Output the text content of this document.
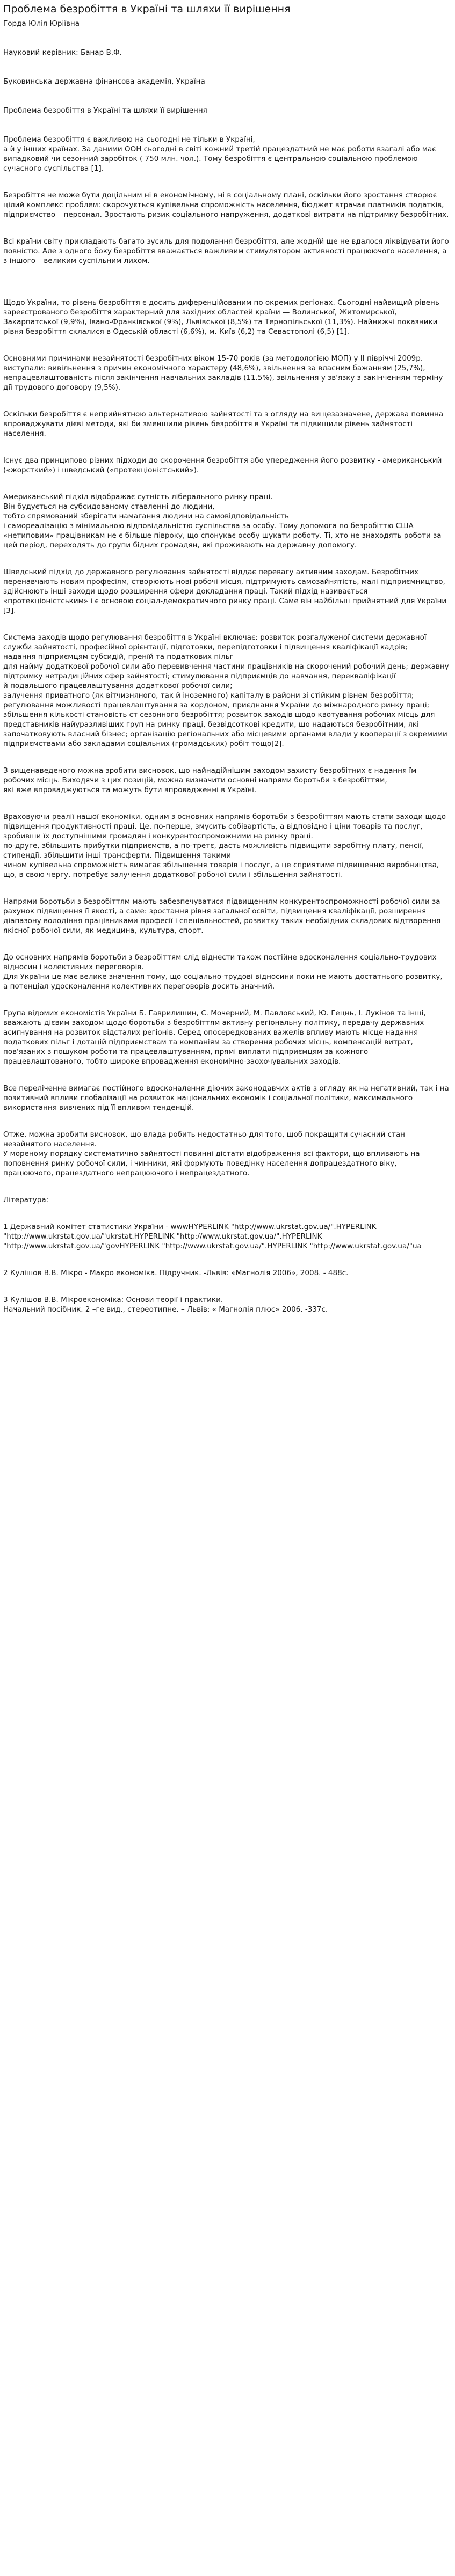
Проблема безробіття в Україні та шляхи її вирішення
Горда Юлія Юріївна
Науковий керівник: Банар В.Ф.
Буковинська державна фінансова академія, Україна
Проблема безробіття в Україні та шляхи її вирішення

Проблема безробіття є важливою на сьогодні не тільки в Україні,
а й у інших країнах. За даними ООН сьогодні в світі кожний третій працездатний не має роботи взагалі або має випадковий чи сезонний заробіток ( 750 млн. чол.). Тому безробіття є центральною соціальною проблемою сучасного суспільства [1].

Безробіття не може бути доцільним ні в економічному, ні в соціальному плані, оскільки його зростання створює цілий комплекс проблем: скорочується купівельна спроможність населення, бюджет втрачає платників податків, підприємство – персонал. Зростають ризик соціального напруження, додаткові витрати на підтримку безробітних.

Всі країни світу прикладають багато зусиль для подолання безробіття, але жоднїй ще не вдалося ліквідувати його повністю. Але з одного боку безробіття вважається важливим стимулятором активності працюючого населення, а з іншого – великим суспільним лихом.

Щодо України, то рівень безробіття є досить диференційованим по окремих регіонах. Сьогодні найвищий рівень зареєстрованого безробіття характерний для західних областей країни — Волинської, Житомирської, Закарпатської (9,9%), Івано-Франківської (9%), Львівської (8,5%) та Тернопільської (11,3%). Найнижчі показники рівня безробіття склалися в Одеській області (6,6%), м. Київ (6,2) та Севастополі (6,5) [1].

Основними причинами незайнятості безробітних віком 15-70 років (за методологією МОП) у II півріччі 2009р. виступали: вивільнення з причин економічного характеру (48,6%), звільнення за власним бажанням (25,7%), непрацевлаштованість після закінчення навчальних закладів (11.5%), звільнення у зв'язку з закінченням терміну дії трудового договору (9,5%).

Оскільки безробіття є неприйнятною альтернативою зайнятості та з огляду на вищезазначене, держава повинна впроваджувати дієві методи, які би зменшили рівень безробіття в Україні та підвищили рівень зайнятості населення.

Існує два принципово різних підходи до скорочення безробіття або упередження його розвитку - американський («жорсткий») і шведський («протекціоністський»).

Американський підхід відображає сутність ліберального ринку праці.
Він будується на субсидованому ставленні до людини,
тобто спрямований зберігати намагання людини на самовідповідальність
і самореалізацію з мінімальною відповідальністю суспільства за особу. Тому допомога по безробіттю США «нетиповим» працівникам не є більше півроку, що спонукає особу шукати роботу. Ті, хто не знаходять роботи за цей період, переходять до групи бідних громадян, які проживають на державну допомогу.

Шведський підхід до державного регулювання зайнятості віддає перевагу активним заходам. Безробітних перенавчають новим професіям, створюють нові робочі місця, підтримують самозайнятість, малі підприємництво, здійснюють інші заходи щодо розширення сфери докладання праці. Такий підхід називається «протекціоністським» і є основою соціал-демократичного ринку праці. Саме він найбільш прийнятний для України [3].

Система заходів щодо регулювання безробіття в Україні включає: розвиток розгалуженої системи державної служби зайнятості, професійної орієнтації, підготовки, перепідготовки і підвищення кваліфікації кадрів;
надання підприємцям субсидій, пренїй та податкових пільг
для найму додаткової робочої сили або перевивчення частини працівників на скорочений робочий день; державну підтримку нетрадиційних сфер зайнятості; стимулювання підприємців до навчання, перекваліфікації
й подальшого працевлаштування додаткової робочої сили;
залучення приватного (як вітчизняного, так й іноземного) капіталу в райони зі стійким рівнем безробіття; регулювання можливості працевлаштування за кордоном, приєднання України до міжнародного ринку праці; збільшення кількості становість ст сезонного безробіття; розвиток заходів щодо квотування робочих місць для представників найуразливіших груп на ринку праці, безвідсоткові кредити, що надаються безробітним, які започатковують власний бізнес; організацію регіональних або місцевими органами влади у кооперації з окремими підприємствами або закладами соціальних (громадських) робіт тощо[2].

З вищенаведеного можна зробити висновок, що найнадійнішим заходом захисту безробітних є надання їм робочих місць. Виходячи з цих позицій, можна визначити основні напрями боротьби з безробіттям,
які вже впроваджуються та можуть бути впровадженні в Україні.

Враховуючи реалії нашої економіки, одним з основних напрямів боротьби з безробіттям мають стати заходи щодо підвищення продуктивності праці. Це, по-перше, змусить собівартість, а відповідно і ціни товарів та послуг, зробивши їх доступнішими громадян і конкурентоспроможними на ринку праці.
по-друге, збільшить прибутки підприємств, а по-третє, дасть можливість підвищити заробітну плату, пенсії, стипендії, збільшити інші трансферти. Підвищення такими
чином купівельна спроможність вимагає збільшення товарів і послуг, а це сприятиме підвищенню виробництва, що, в свою чергу, потребує залучення додаткової робочої сили і збільшення зайнятості.

Напрями боротьби з безробіттям мають забезпечуватися підвищенням конкурентоспроможності робочої сили за рахунок підвищення її якості, а саме: зростання рівня загальної освіти, підвищення кваліфікації, розширення діапазону володіння працівниками професії і спеціальностей, розвитку таких необхідних складових відтворення якісної робочої сили, як медицина, культура, спорт.

До основних напрямів боротьби з безробіттям слід віднести також постійне вдосконалення соціально-трудових відносин і колективних переговорів.
Для України це має велике значення тому, що соціально-трудові відносини поки не мають достатнього розвитку, а потенціал удосконалення колективних переговорів досить значний.

Група відомих економістів України Б. Гаврилишин, С. Мочерний, М. Павловський, Ю. Гецнь, І. Лукінов та інші, вважають дієвим заходом щодо боротьби з безробіттям активну регіональну політику, передачу державних асигнування на розвиток відсталих регіонів. Серед опосередкованих важелів впливу мають місце надання податкових пільг і дотацій підприємствам та компаніям за створення робочих місць, компенсацій витрат, пов'язаних з пошуком роботи та працевлаштуванням, прямі виплати підприємцям за кожного працевлаштованого, тобто широке впровадження економічно-заохочувальних заходів.

Все переліченне вимагає постійного вдосконалення діючих законодавчих актів з огляду як на негативний, так і на позитивний впливи глобалізації на розвиток національних економік і соціальної політики, максимального використання вивчених під її впливом тенденцій.

Отже, можна зробити висновок, що влада робить недостатньо для того, щоб покращити сучасний стан незайнятого населення.
У мореному порядку систематично зайнятості повинні дістати відображення всі фактори, що впливають на поповнення ринку робочої сили, і чинники, які формують поведінку населення допрацездатного віку, працюючого, працездатного непрацюючого і непрацездатного.

Література:
1 Державний комітет статистики України - wwwHYPERLINK "http://www.ukrstat.gov.ua/".HYPERLINK "http://www.ukrstat.gov.ua/"ukrstat.HYPERLINK "http://www.ukrstat.gov.ua/".HYPERLINK "http://www.ukrstat.gov.ua/"govHYPERLINK "http://www.ukrstat.gov.ua/".HYPERLINK "http://www.ukrstat.gov.ua/"ua
2 Кулішов В.В. Мікро - Макро економіка. Підручник. -Львів: «Магнолія 2006», 2008. - 488с.
3 Кулішов В.В. Мікроекономіка: Основи теорії і практики.
Начальний посібник. 2 –ге вид., стереотипне. – Львів: « Магнолія плюс» 2006. -337с.
